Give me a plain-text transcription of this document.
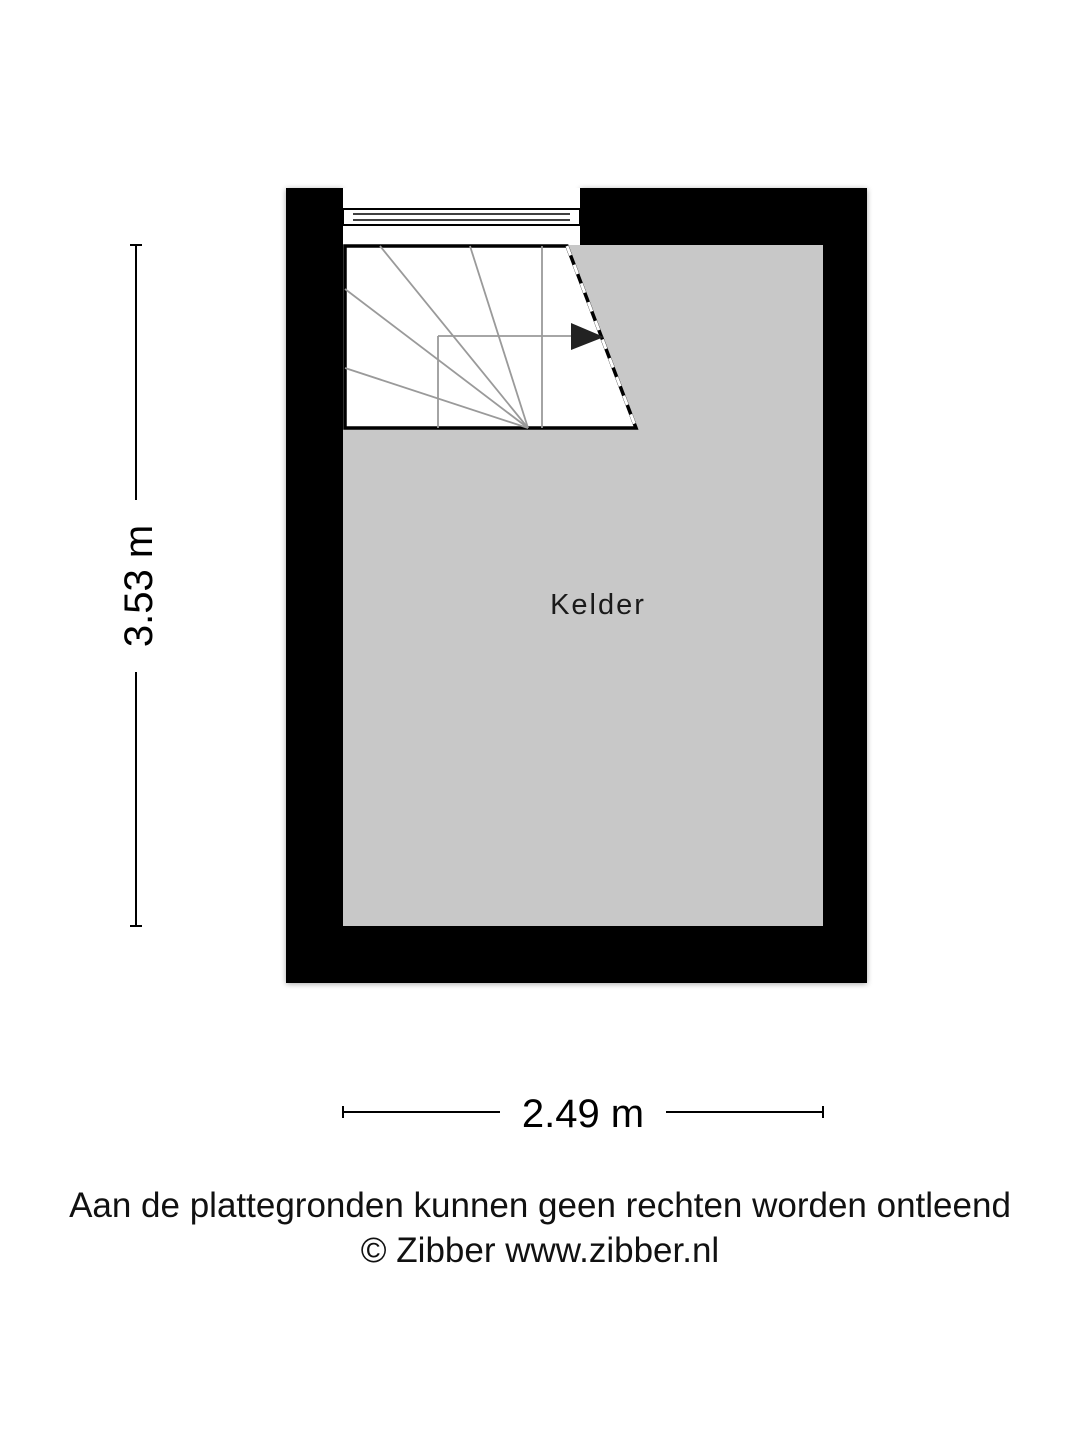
Kelder
3.53 m
2.49 m
Aan de plattegronden kunnen geen rechten worden ontleend
© Zibber www.zibber.nl
